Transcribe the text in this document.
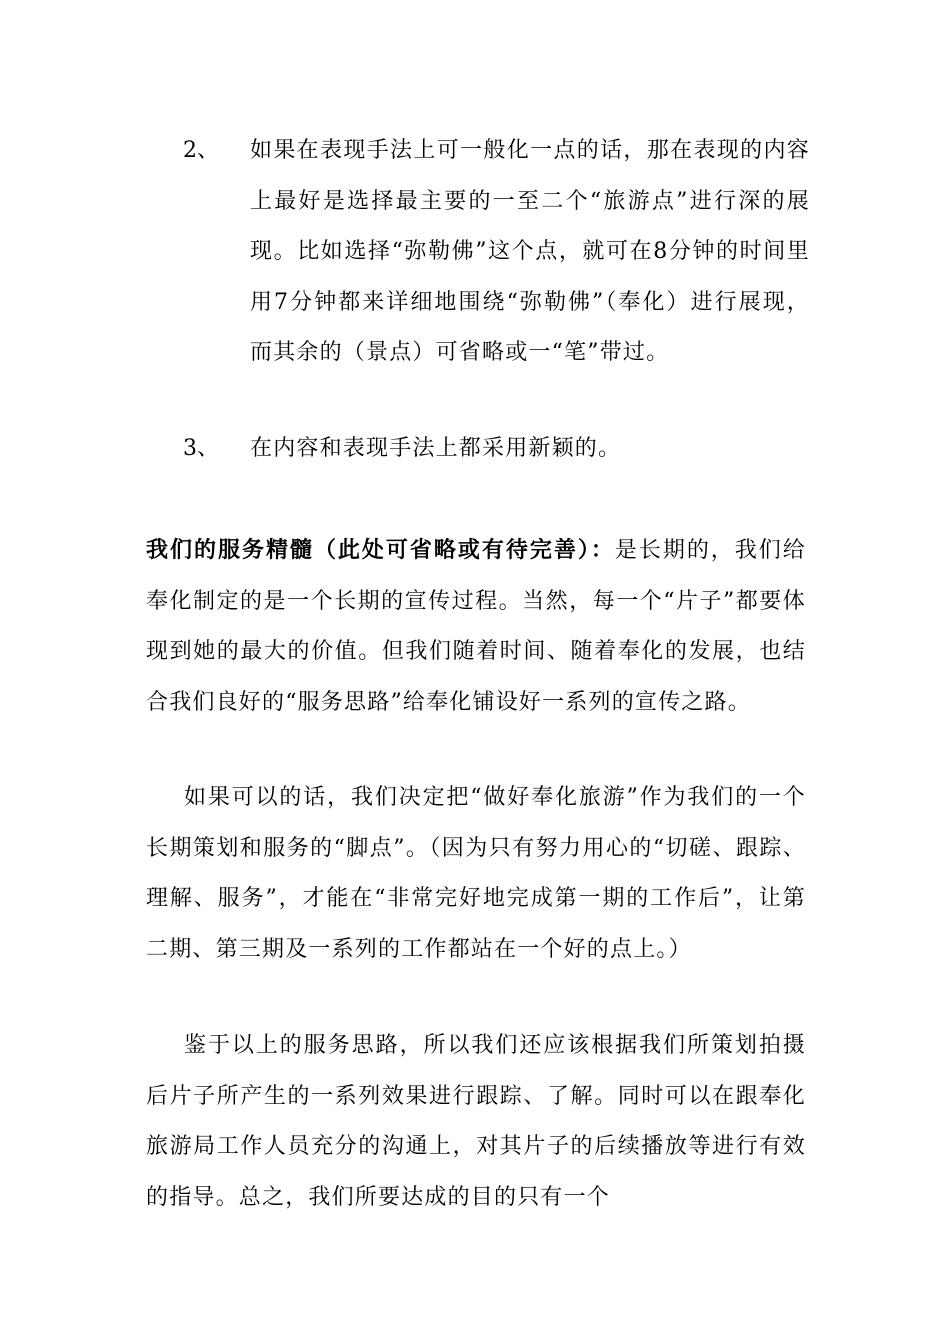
2、 如果在表现手法上可一般化一点的话，那在表现的内容上最好是选择最主要的一至二个“旅游点”进行深的展现。比如选择“弥勒佛”这个点，就可在8分钟的时间里用7分钟都来详细地围绕“弥勒佛”（奉化）进行展现，而其余的（景点）可省略或一“笔”带过。
3、 在内容和表现手法上都采用新颖的。
我们的服务精髓（此处可省略或有待完善）：是长期的，我们给奉化制定的是一个长期的宣传过程。当然，每一个“片子”都要体现到她的最大的价值。但我们随着时间、随着奉化的发展，也结合我们良好的“服务思路”给奉化铺设好一系列的宣传之路。
如果可以的话，我们决定把“做好奉化旅游”作为我们的一个长期策划和服务的“脚点”。（因为只有努力用心的“切磋、跟踪、理解、服务”，才能在“非常完好地完成第一期的工作后”，让第二期、第三期及一系列的工作都站在一个好的点上。）
鉴于以上的服务思路，所以我们还应该根据我们所策划拍摄后片子所产生的一系列效果进行跟踪、了解。同时可以在跟奉化旅游局工作人员充分的沟通上，对其片子的后续播放等进行有效的指导。总之，我们所要达成的目的只有一个
